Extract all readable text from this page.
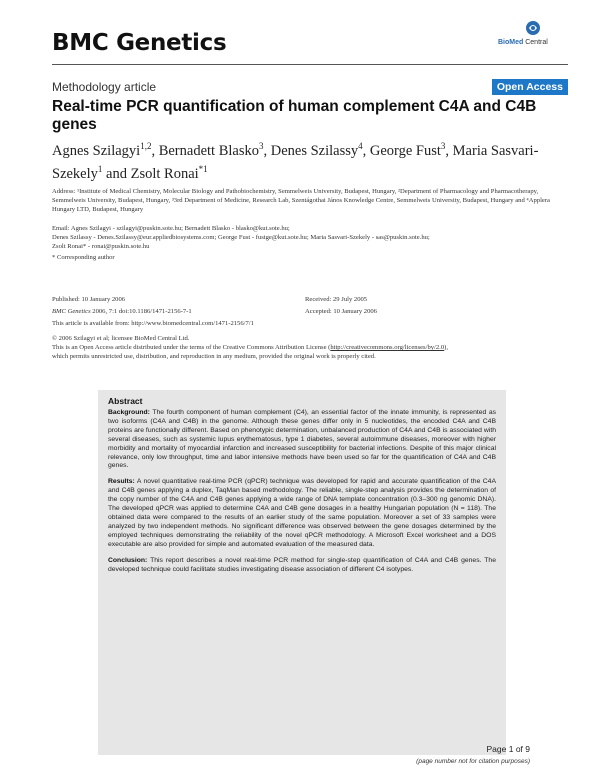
BMC Genetics	BioMed Central
Methodology article	Open Access
Real-time PCR quantification of human complement C4A and C4B genes
Agnes Szilagyi$^{1,2}$, Bernadett Blasko$^3$, Denes Szilassy$^4$, George Fust$^3$, Maria Sasvari-Szekely$^1$ and Zsolt Ronai$^{*1}$
Address: ¹Institute of Medical Chemistry, Molecular Biology and Pathobiochemistry, Semmelweis University, Budapest, Hungary, ²Department of Pharmacology and Pharmacotherapy, Semmelweis University, Budapest, Hungary, ³3rd Department of Medicine, Research Lab, Szentágothai János Knowledge Centre, Semmelweis University, Budapest, Hungary and ⁴Applera Hungary LTD, Budapest, Hungary
Email: Agnes Szilagyi - szilagyi@puskin.sote.hu; Bernadett Blasko - blasko@kut.sote.hu;
Denes Szilassy - Denes.Szilassy@eur.appliedbiosystems.com; George Fust - fustge@kut.sote.hu; Maria Sasvari-Szekely - sas@puskin.sote.hu;
Zsolt Ronai* - ronai@puskin.sote.hu
* Corresponding author
Published: 10 January 2006
BMC Genetics 2006, 7:1 doi:10.1186/1471-2156-7-1
This article is available from: http://www.biomedcentral.com/1471-2156/7/1
Received: 29 July 2005
Accepted: 10 January 2006
© 2006 Szilagyi et al; licensee BioMed Central Ltd.
This is an Open Access article distributed under the terms of the Creative Commons Attribution License (http://creativecommons.org/licenses/by/2.0),
which permits unrestricted use, distribution, and reproduction in any medium, provided the original work is properly cited.
Abstract

Background: The fourth component of human complement (C4), an essential factor of the innate immunity, is represented as two isoforms (C4A and C4B) in the genome. Although these genes differ only in 5 nucleotides, the encoded C4A and C4B proteins are functionally different. Based on phenotypic determination, unbalanced production of C4A and C4B is associated with several diseases, such as systemic lupus erythematosus, type 1 diabetes, several autoimmune diseases, moreover with higher morbidity and mortality of myocardial infarction and increased susceptibility for bacterial infections. Despite of this major clinical relevance, only low throughput, time and labor intensive methods have been used so far for the quantification of C4A and C4B genes.

Results: A novel quantitative real-time PCR (qPCR) technique was developed for rapid and accurate quantification of the C4A and C4B genes applying a duplex, TaqMan based methodology. The reliable, single-step analysis provides the determination of the copy number of the C4A and C4B genes applying a wide range of DNA template concentration (0.3–300 ng genomic DNA). The developed qPCR was applied to determine C4A and C4B gene dosages in a healthy Hungarian population (N = 118). The obtained data were compared to the results of an earlier study of the same population. Moreover a set of 33 samples were analyzed by two independent methods. No significant difference was observed between the gene dosages determined by the employed techniques demonstrating the reliability of the novel qPCR methodology. A Microsoft Excel worksheet and a DOS executable are also provided for simple and automated evaluation of the measured data.

Conclusion: This report describes a novel real-time PCR method for single-step quantification of C4A and C4B genes. The developed technique could facilitate studies investigating disease association of different C4 isotypes.

Page 1 of 9
(page number not for citation purposes)
